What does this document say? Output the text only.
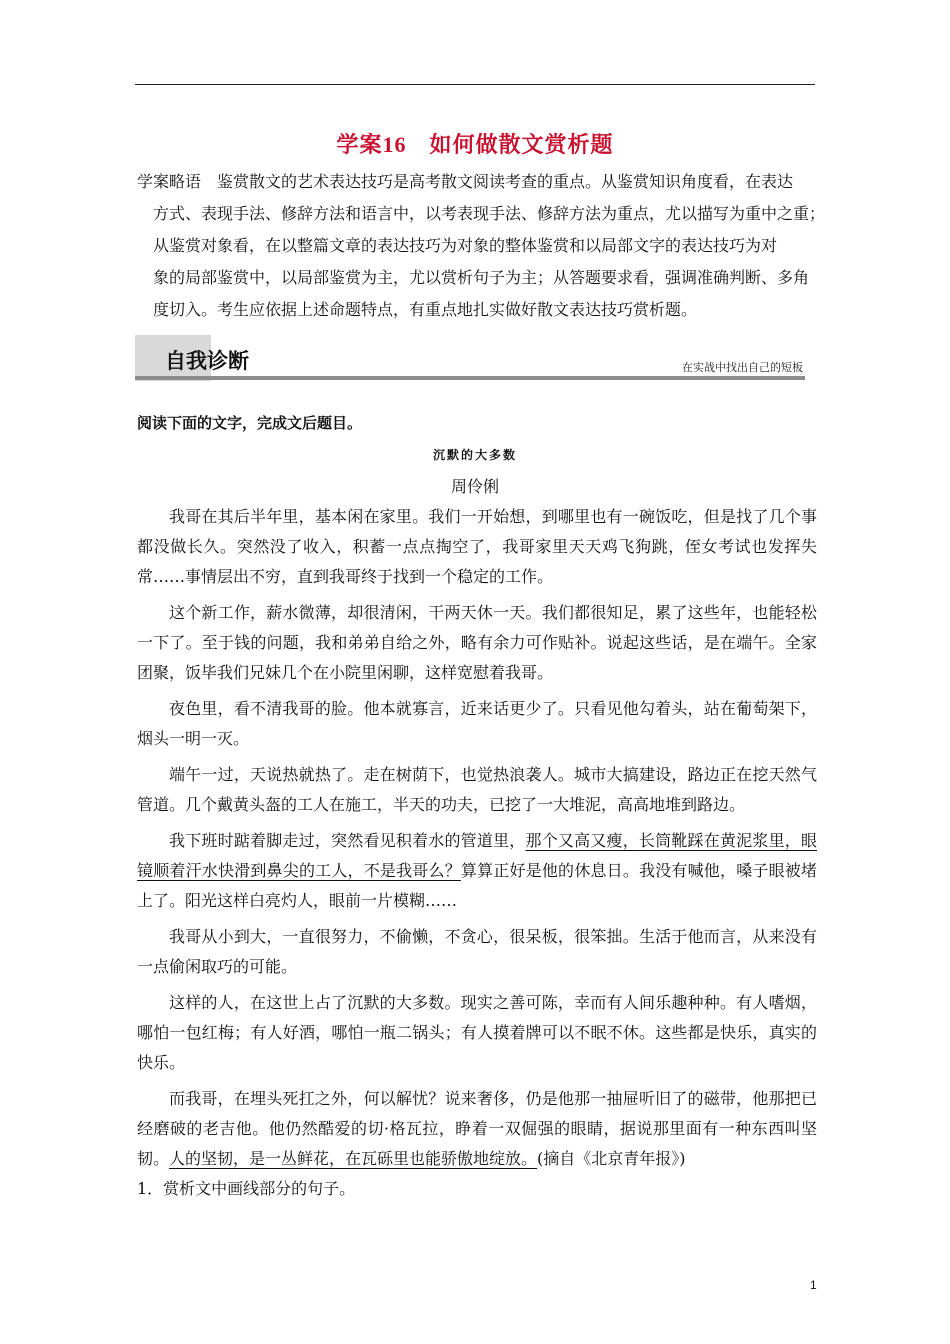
学案16　 如何做散文赏析题
学案略语　鉴赏散文的艺术表达技巧是高考散文阅读考查的重点。从鉴赏知识角度看，在表达
方式、表现手法、修辞方法和语言中，以考表现手法、修辞方法为重点，尤以描写为重中之重；
从鉴赏对象看，在以整篇文章的表达技巧为对象的整体鉴赏和以局部文字的表达技巧为对
象的局部鉴赏中，以局部鉴赏为主，尤以赏析句子为主；从答题要求看，强调准确判断、多角
度切入。考生应依据上述命题特点，有重点地扎实做好散文表达技巧赏析题。
自我诊断	在实战中找出自己的短板
阅读下面的文字，完成文后题目。
沉默的大多数
周伶俐

我哥在其后半年里，基本闲在家里。我们一开始想，到哪里也有一碗饭吃，但是找了几个事都没做长久。突然没了收入，积蓄一点点掏空了，我哥家里天天鸡飞狗跳，侄女考试也发挥失常……事情层出不穷，直到我哥终于找到一个稳定的工作。

这个新工作，薪水微薄，却很清闲，干两天休一天。我们都很知足，累了这些年，也能轻松一下了。至于钱的问题，我和弟弟自给之外，略有余力可作贴补。说起这些话，是在端午。全家团聚，饭毕我们兄妹几个在小院里闲聊，这样宽慰着我哥。

夜色里，看不清我哥的脸。他本就寡言，近来话更少了。只看见他勾着头，站在葡萄架下，烟头一明一灭。

端午一过，天说热就热了。走在树荫下，也觉热浪袭人。城市大搞建设，路边正在挖天然气管道。几个戴黄头盔的工人在施工，半天的功夫，已挖了一大堆泥，高高地堆到路边。

我下班时踮着脚走过，突然看见积着水的管道里，那个又高又瘦，长筒靴踩在黄泥浆里，眼镜顺着汗水快滑到鼻尖的工人，不是我哥么？算算正好是他的休息日。我没有喊他，嗓子眼被堵上了。阳光这样白亮灼人，眼前一片模糊……

我哥从小到大，一直很努力，不偷懒，不贪心，很呆板，很笨拙。生活于他而言，从来没有一点偷闲取巧的可能。

这样的人，在这世上占了沉默的大多数。现实之善可陈，幸而有人间乐趣种种。有人嗜烟，哪怕一包红梅；有人好酒，哪怕一瓶二锅头；有人摸着牌可以不眠不休。这些都是快乐，真实的快乐。

而我哥，在埋头死扛之外，何以解忧？说来奢侈，仍是他那一抽屉听旧了的磁带，他那把已经磨破的老吉他。他仍然酷爱的切·格瓦拉，睁着一双倔强的眼睛，据说那里面有一种东西叫坚韧。人的坚韧，是一丛鲜花，在瓦砾里也能骄傲地绽放。(摘自《北京青年报》)

1．赏析文中画线部分的句子。
1
